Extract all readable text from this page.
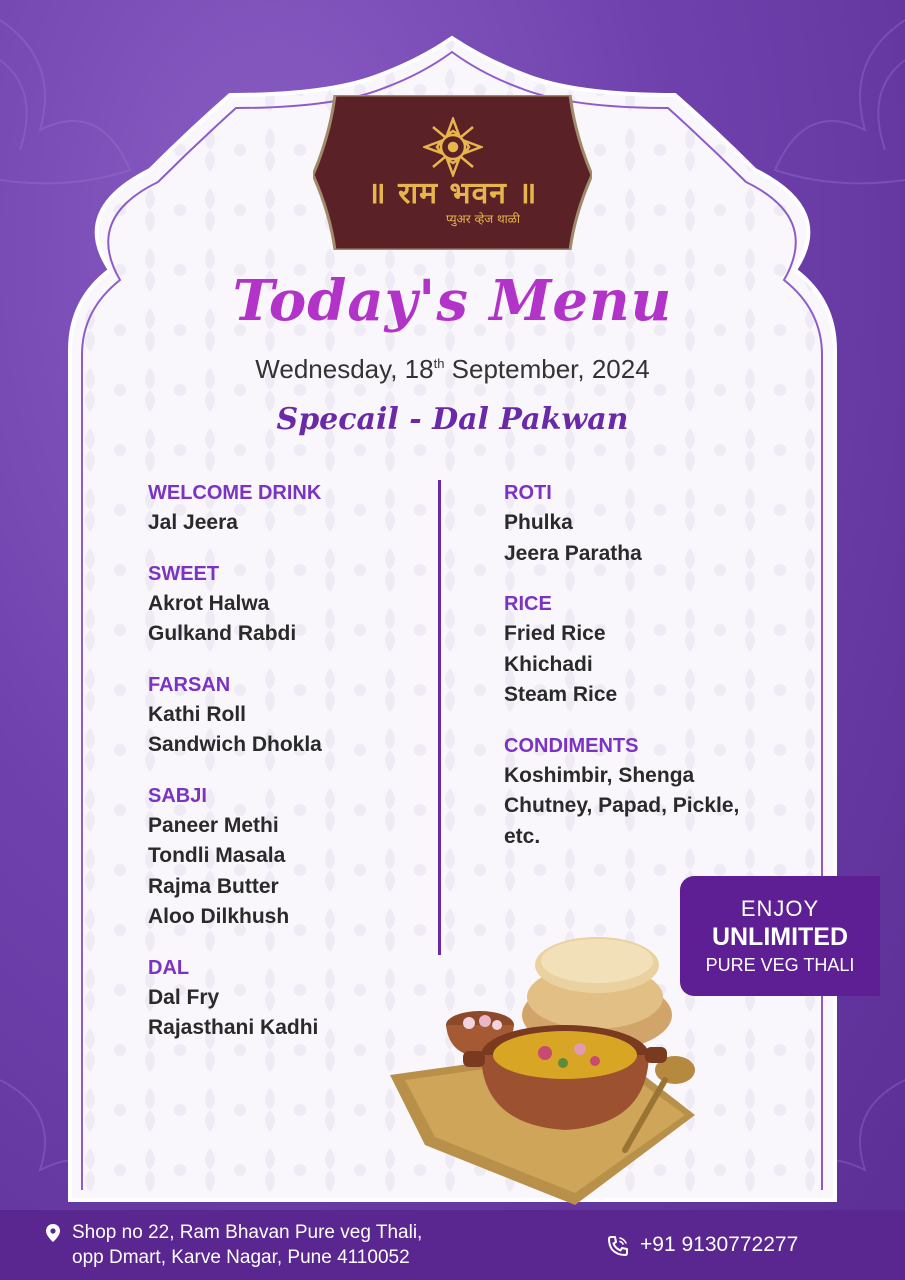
॥ राम भवन ॥
प्युअर व्हेज थाळी
Today's Menu
Wednesday, 18th September, 2024
Specail - Dal Pakwan
WELCOME DRINK
Jal Jeera
SWEET
Akrot Halwa
Gulkand Rabdi
FARSAN
Kathi Roll
Sandwich Dhokla
SABJI
Paneer Methi
Tondli Masala
Rajma Butter
Aloo Dilkhush
DAL
Dal Fry
Rajasthani Kadhi
ROTI
Phulka
Jeera Paratha
RICE
Fried Rice
Khichadi
Steam Rice
CONDIMENTS
Koshimbir, Shenga
Chutney, Papad, Pickle,
etc.
ENJOY
UNLIMITED
PURE VEG THALI
Shop no 22, Ram Bhavan Pure veg Thali,
opp Dmart, Karve Nagar, Pune 4110052
+91 9130772277
